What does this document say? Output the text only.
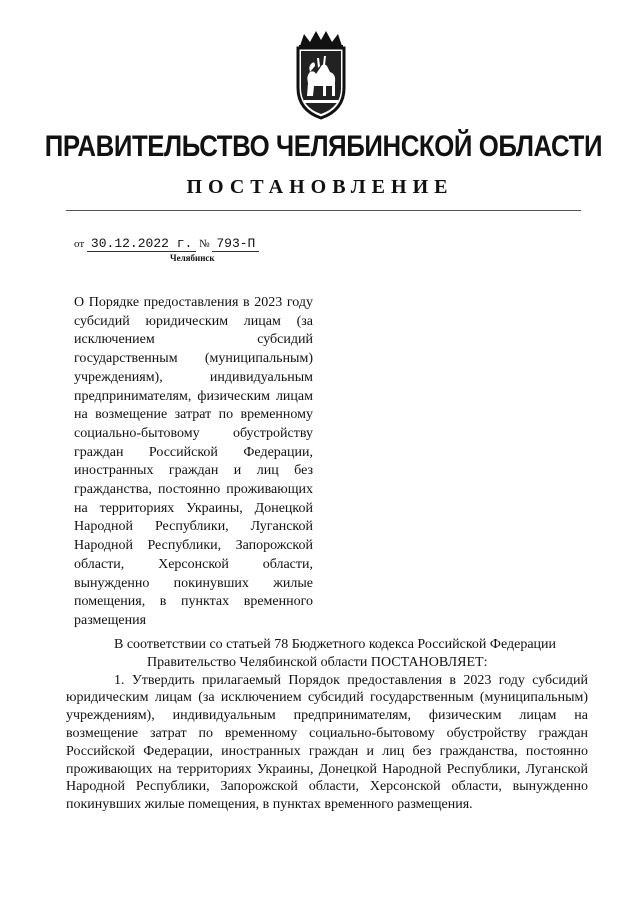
ПРАВИТЕЛЬСТВО ЧЕЛЯБИНСКОЙ ОБЛАСТИ
ПОСТАНОВЛЕНИЕ
от 30.12.2022 г. № 793-П
Челябинск
О Порядке предоставления в 2023 году субсидий юридическим лицам (за исключением субсидий государственным (муниципальным) учреждениям), индивидуальным предпринимателям, физическим лицам на возмещение затрат по временному социально-бытовому обустройству граждан Российской Федерации, иностранных граждан и лиц без гражданства, постоянно проживающих на территориях Украины, Донецкой Народной Республики, Луганской Народной Республики, Запорожской области, Херсонской области, вынужденно покинувших жилые помещения, в пунктах временного размещения

В соответствии со статьей 78 Бюджетного кодекса Российской Федерации

Правительство Челябинской области ПОСТАНОВЛЯЕТ:

1. Утвердить прилагаемый Порядок предоставления в 2023 году субсидий юридическим лицам (за исключением субсидий государственным (муниципальным) учреждениям), индивидуальным предпринимателям, физическим лицам на возмещение затрат по временному социально-бытовому обустройству граждан Российской Федерации, иностранных граждан и лиц без гражданства, постоянно проживающих на территориях Украины, Донецкой Народной Республики, Луганской Народной Республики, Запорожской области, Херсонской области, вынужденно покинувших жилые помещения, в пунктах временного размещения.
